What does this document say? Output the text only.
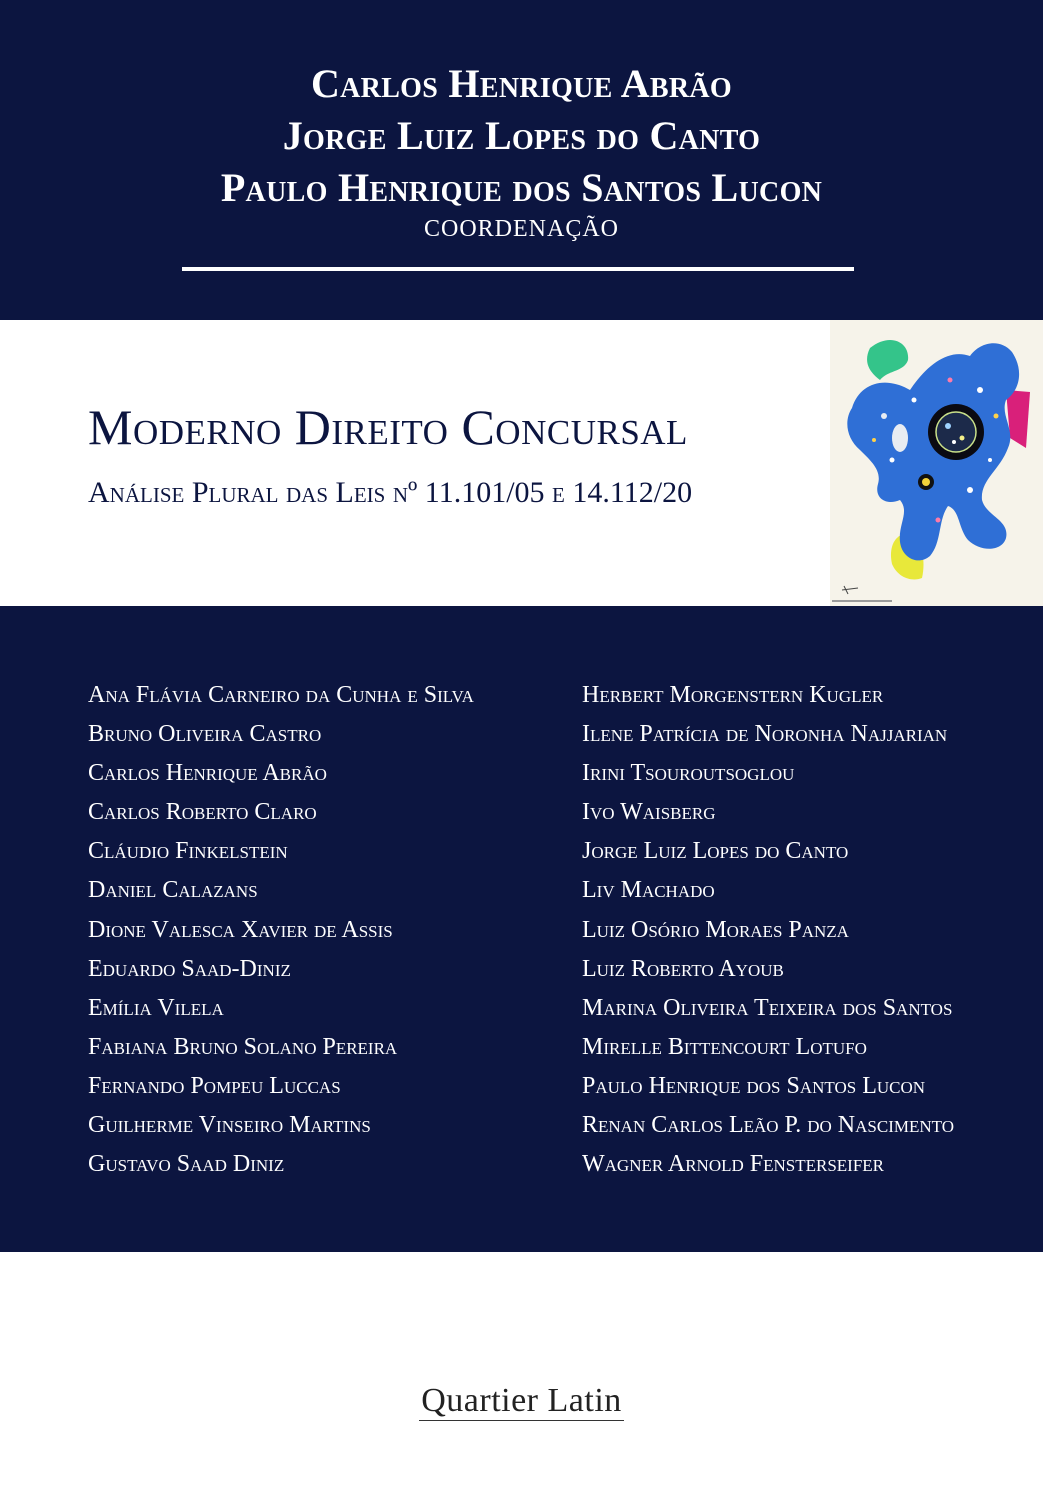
Carlos Henrique Abrão
Jorge Luiz Lopes do Canto
Paulo Henrique dos Santos Lucon
COORDENAÇÃO
Moderno Direito Concursal
Análise Plural das Leis nº 11.101/05 e 14.112/20
Ana Flávia Carneiro da Cunha e Silva
Bruno Oliveira Castro
Carlos Henrique Abrão
Carlos Roberto Claro
Cláudio Finkelstein
Daniel Calazans
Dione Valesca Xavier de Assis
Eduardo Saad-Diniz
Emília Vilela
Fabiana Bruno Solano Pereira
Fernando Pompeu Luccas
Guilherme Vinseiro Martins
Gustavo Saad Diniz
Herbert Morgenstern Kugler
Ilene Patrícia de Noronha Najjarian
Irini Tsouroutsoglou
Ivo Waisberg
Jorge Luiz Lopes do Canto
Liv Machado
Luiz Osório Moraes Panza
Luiz Roberto Ayoub
Marina Oliveira Teixeira dos Santos
Mirelle Bittencourt Lotufo
Paulo Henrique dos Santos Lucon
Renan Carlos Leão P. do Nascimento
Wagner Arnold Fensterseifer
Quartier Latin
